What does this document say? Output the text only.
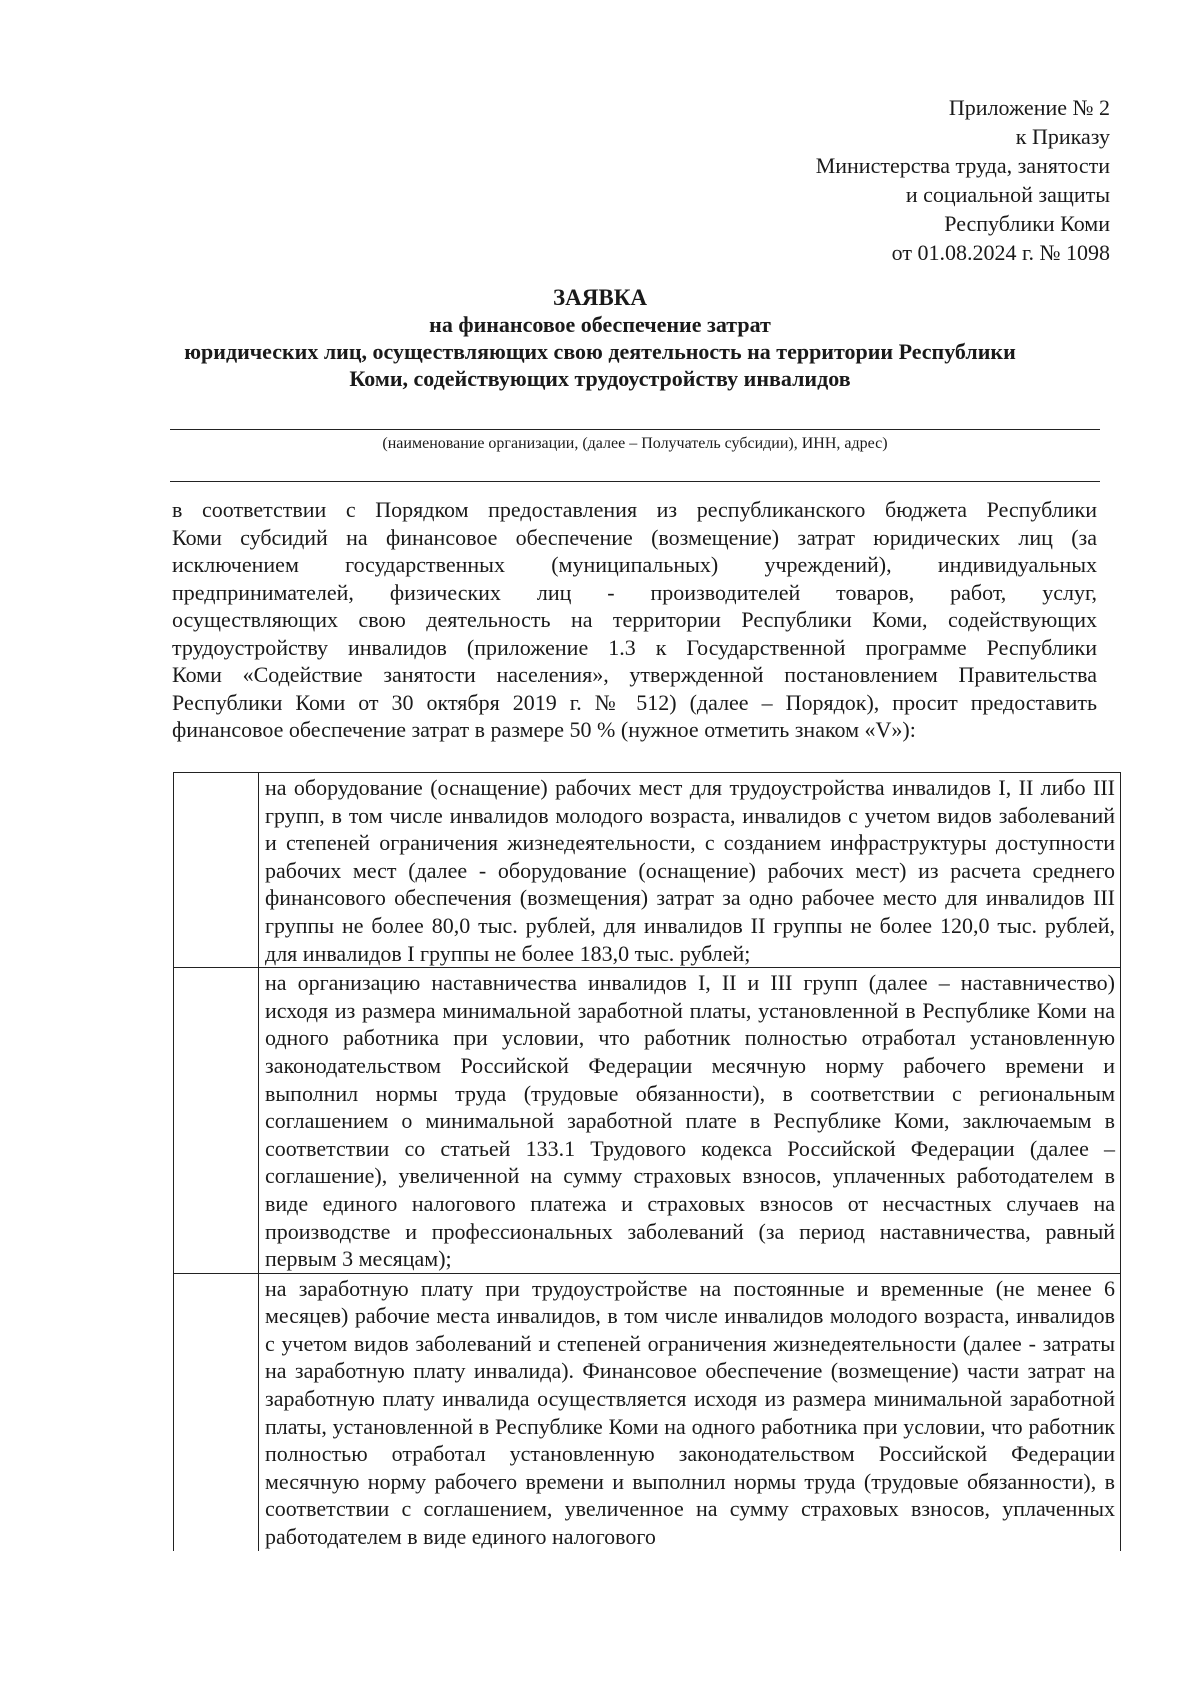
Приложение № 2
к Приказу
Министерства труда, занятости
и социальной защиты
Республики Коми
от 01.08.2024 г. № 1098
ЗАЯВКА
на финансовое обеспечение затрат
юридических лиц, осуществляющих свою деятельность на территории Республики
Коми, содействующих трудоустройству инвалидов
(наименование организации, (далее – Получатель субсидии), ИНН, адрес)
в соответствии с Порядком предоставления из республиканского бюджета Республики
Коми субсидий на финансовое обеспечение (возмещение) затрат юридических лиц (за
исключением государственных (муниципальных) учреждений), индивидуальных
предпринимателей, физических лиц - производителей товаров, работ, услуг,
осуществляющих свою деятельность на территории Республики Коми, содействующих
трудоустройству инвалидов (приложение 1.3 к Государственной программе Республики
Коми «Содействие занятости населения», утвержденной постановлением Правительства
Республики Коми от 30 октября 2019 г. № 512) (далее – Порядок), просит предоставить
финансовое обеспечение затрат в размере 50 % (нужное отметить знаком «V»):
	на оборудование (оснащение) рабочих мест для трудоустройства инвалидов I, II либо III групп, в том числе инвалидов молодого возраста, инвалидов с учетом видов заболеваний и степеней ограничения жизнедеятельности, с созданием инфраструктуры доступности рабочих мест (далее - оборудование (оснащение) рабочих мест) из расчета среднего финансового обеспечения (возмещения) затрат за одно рабочее место для инвалидов III группы не более 80,0 тыс. рублей, для инвалидов II группы не более 120,0 тыс. рублей, для инвалидов I группы не более 183,0 тыс. рублей;
	на организацию наставничества инвалидов I, II и III групп (далее – наставничество) исходя из размера минимальной заработной платы, установленной в Республике Коми на одного работника при условии, что работник полностью отработал установленную законодательством Российской Федерации месячную норму рабочего времени и выполнил нормы труда (трудовые обязанности), в соответствии с региональным соглашением о минимальной заработной плате в Республике Коми, заключаемым в соответствии со статьей 133.1 Трудового кодекса Российской Федерации (далее – соглашение), увеличенной на сумму страховых взносов, уплаченных работодателем в виде единого налогового платежа и страховых взносов от несчастных случаев на производстве и профессиональных заболеваний (за период наставничества, равный первым 3 месяцам);
	на заработную плату при трудоустройстве на постоянные и временные (не менее 6 месяцев) рабочие места инвалидов, в том числе инвалидов молодого возраста, инвалидов с учетом видов заболеваний и степеней ограничения жизнедеятельности (далее - затраты на заработную плату инвалида). Финансовое обеспечение (возмещение) части затрат на заработную плату инвалида осуществляется исходя из размера минимальной заработной платы, установленной в Республике Коми на одного работника при условии, что работник полностью отработал установленную законодательством Российской Федерации месячную норму рабочего времени и выполнил нормы труда (трудовые обязанности), в соответствии с соглашением, увеличенное на сумму страховых взносов, уплаченных работодателем в виде единого налогового
